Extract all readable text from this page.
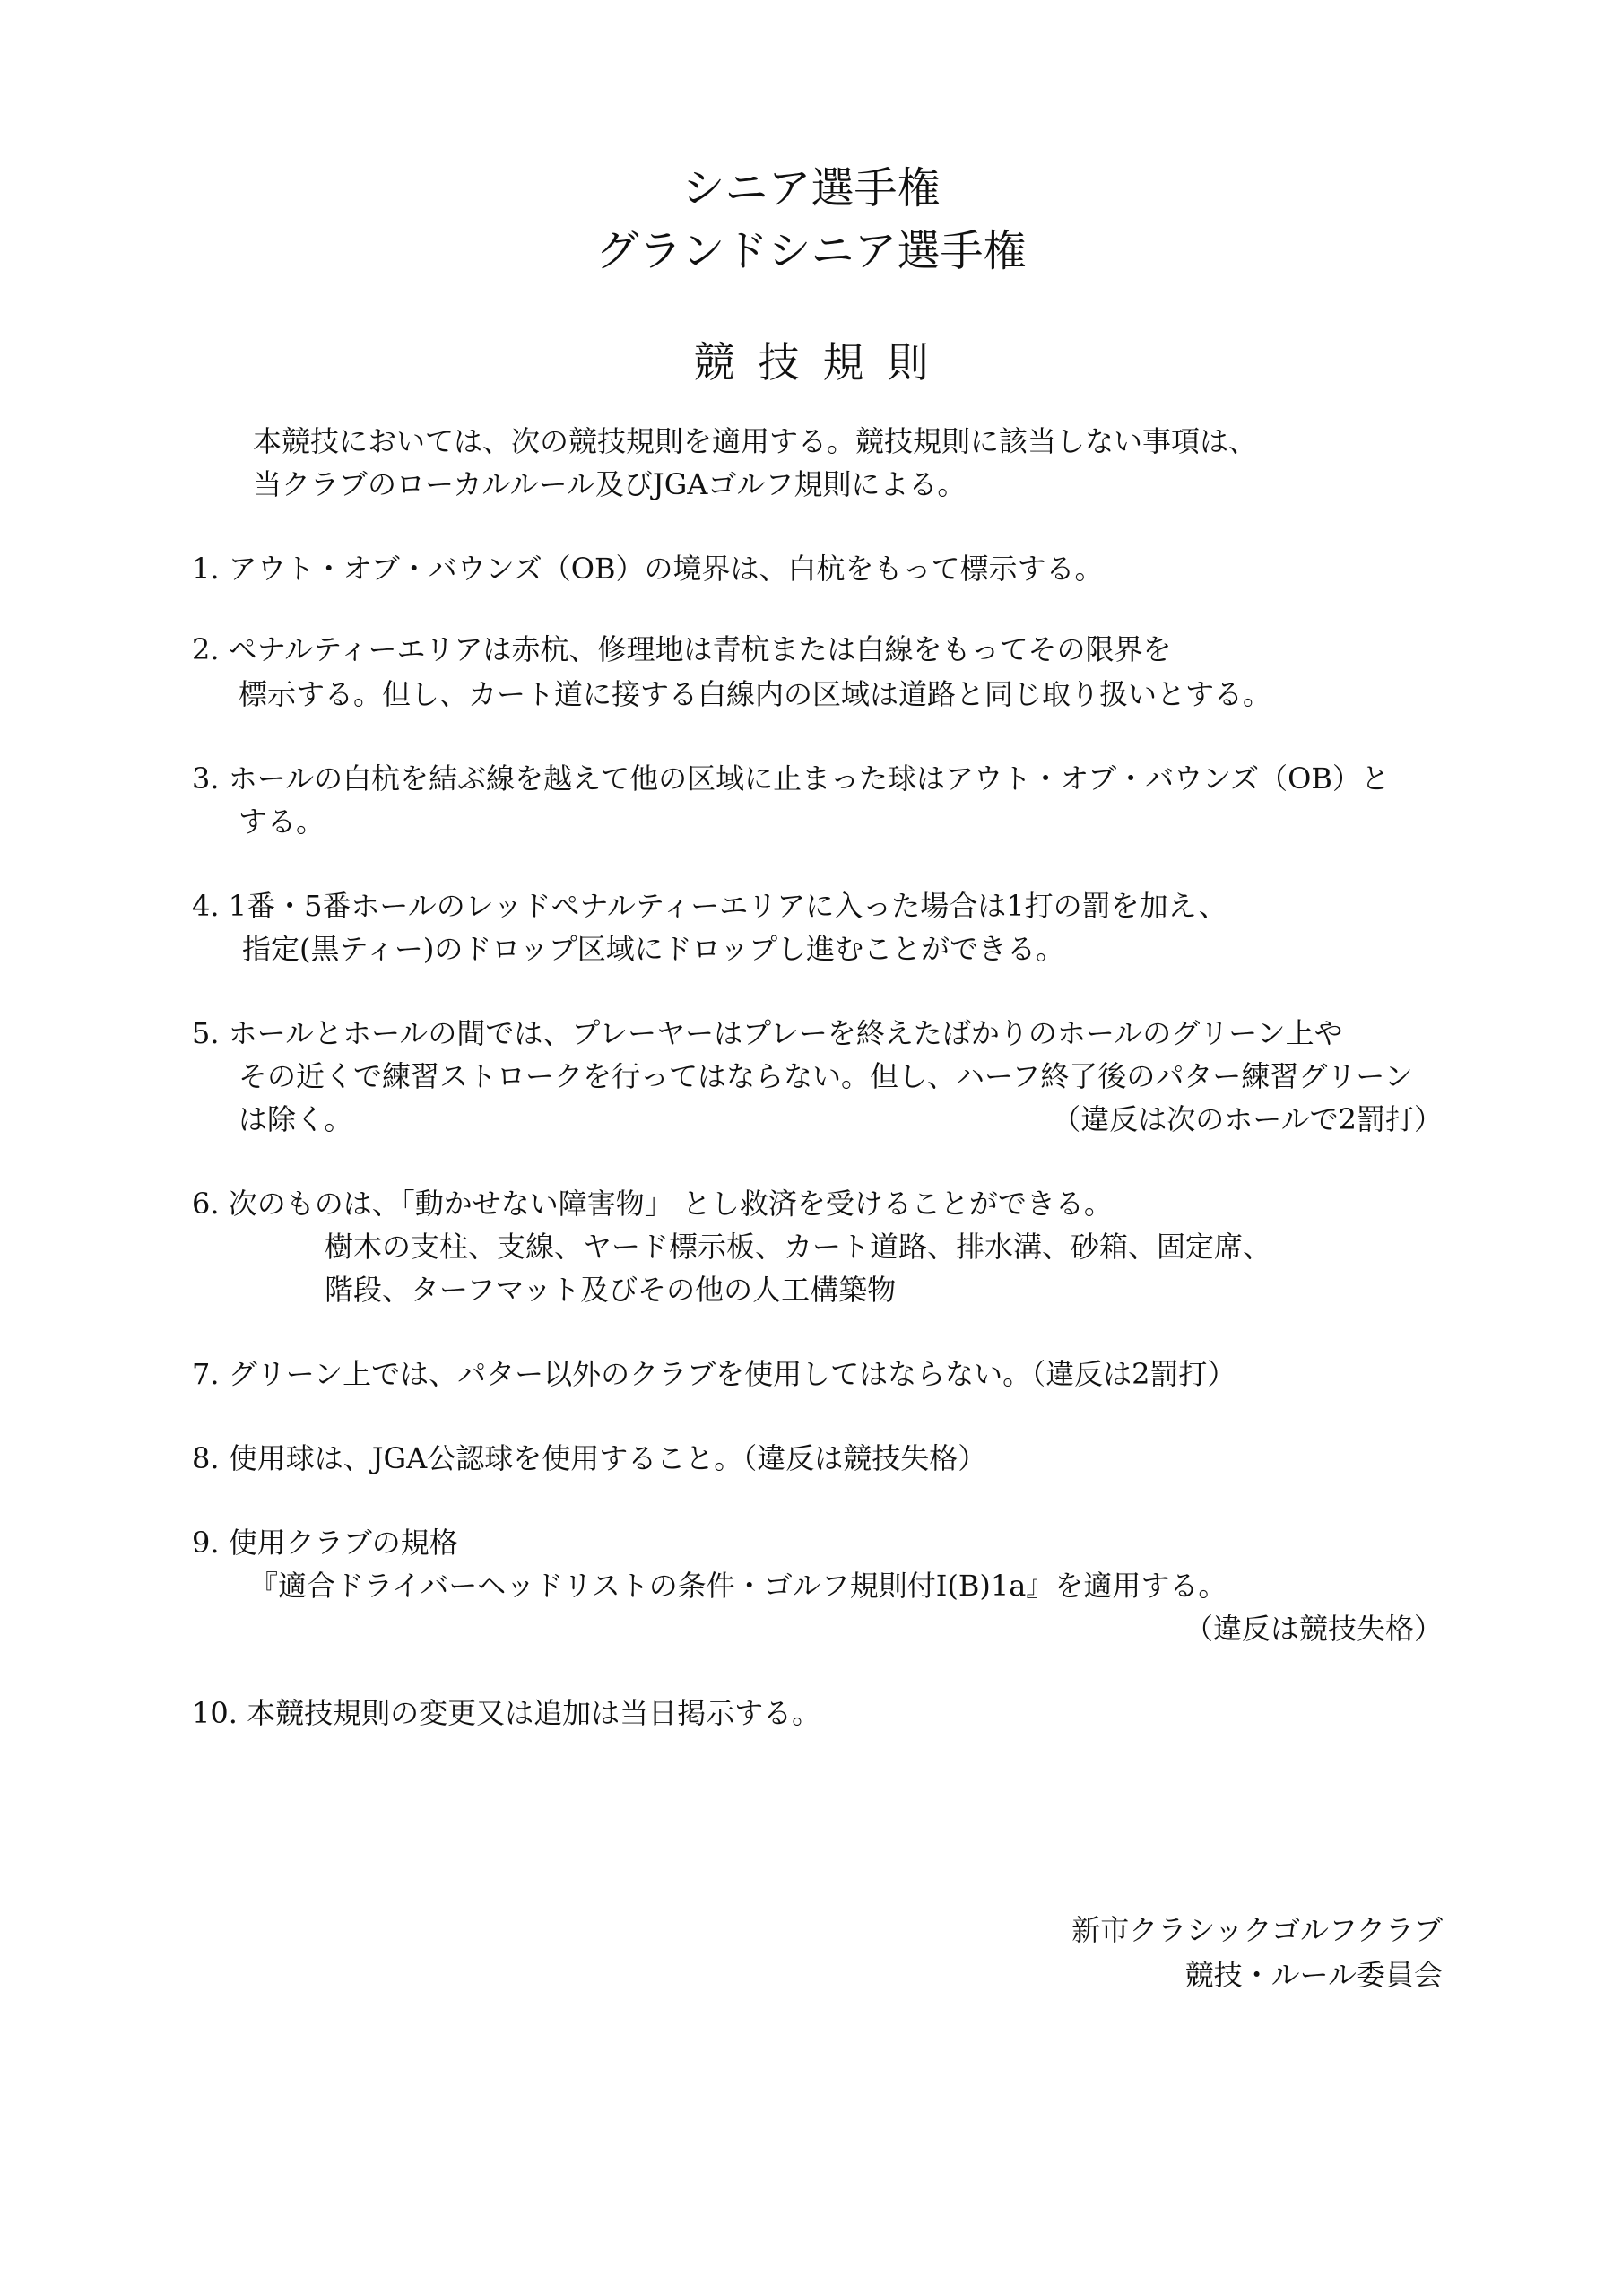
シニア選手権
グランドシニア選手権
競技規則
本競技においては、次の競技規則を適用する。競技規則に該当しない事項は、
当クラブのローカルルール及びJGAゴルフ規則による。
1. アウト・オブ・バウンズ（OB）の境界は、白杭をもって標示する。
2. ペナルティーエリアは赤杭、修理地は青杭または白線をもってその限界を
標示する。但し、カート道に接する白線内の区域は道路と同じ取り扱いとする。
3. ホールの白杭を結ぶ線を越えて他の区域に止まった球はアウト・オブ・バウンズ（OB）と
する。
4. 1番・5番ホールのレッドペナルティーエリアに入った場合は1打の罰を加え、
指定(黒ティー)のドロップ区域にドロップし進むことができる。
5. ホールとホールの間では、プレーヤーはプレーを終えたばかりのホールのグリーン上や
その近くで練習ストロークを行ってはならない。但し、ハーフ終了後のパター練習グリーン
は除く。	（違反は次のホールで2罰打）
6. 次のものは、「動かせない障害物」 とし救済を受けることができる。
樹木の支柱、支線、ヤード標示板、カート道路、排水溝、砂箱、固定席、
階段、ターフマット及びその他の人工構築物
7. グリーン上では、パター以外のクラブを使用してはならない。（違反は2罰打）
8. 使用球は、JGA公認球を使用すること。（違反は競技失格）
9. 使用クラブの規格
『適合ドライバーヘッドリストの条件・ゴルフ規則付Ⅰ(B)1a』を適用する。
（違反は競技失格）
10. 本競技規則の変更又は追加は当日掲示する。
新市クラシックゴルフクラブ
競技・ルール委員会
